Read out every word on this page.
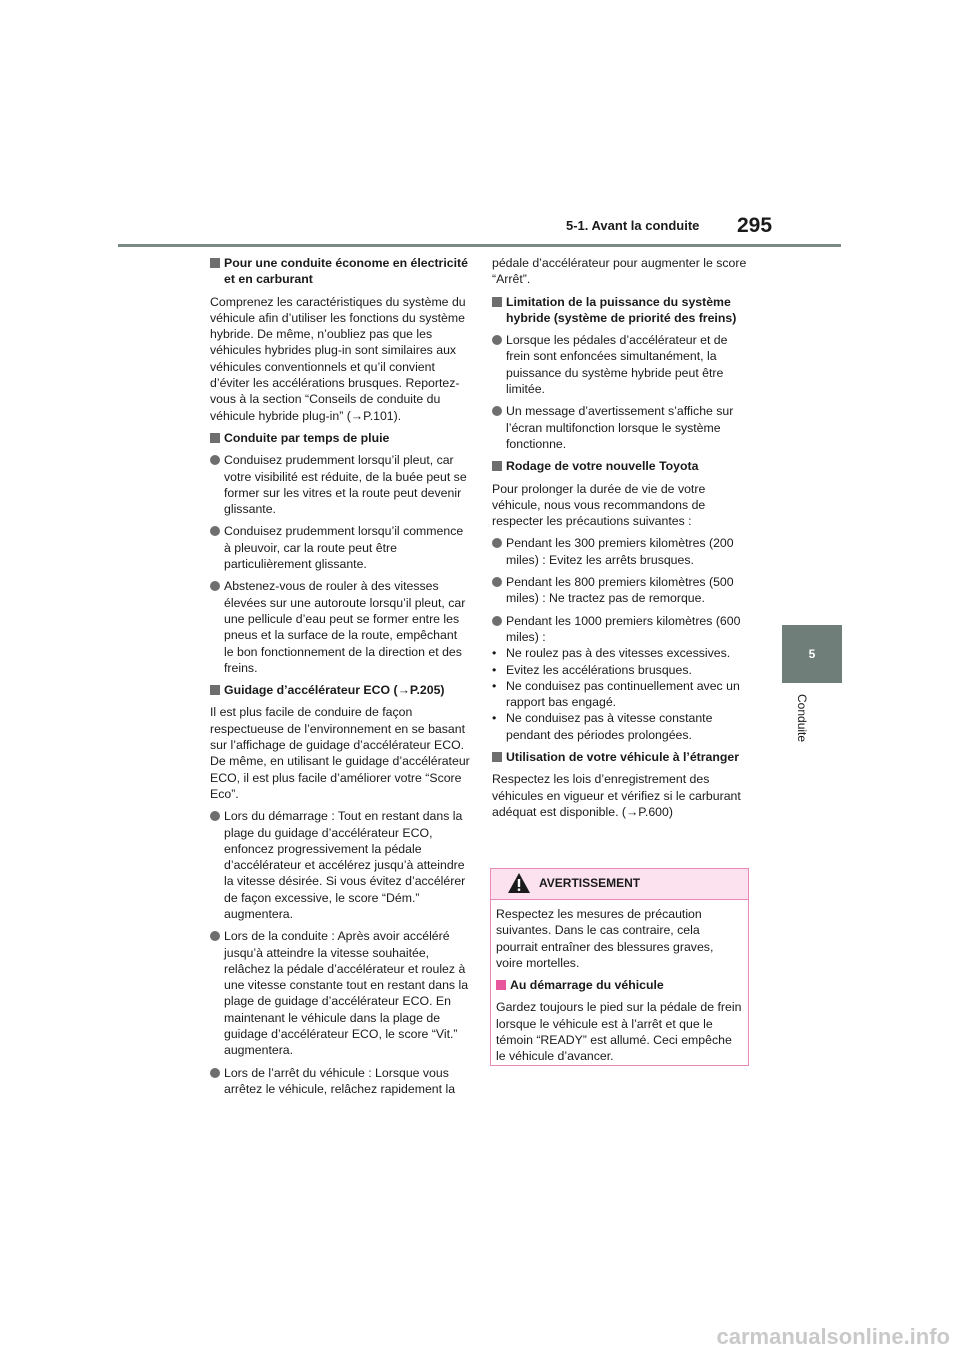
5-1. Avant la conduite 295
5
Conduite
Pour une conduite économe en électricité et en carburant

Comprenez les caractéristiques du système du véhicule afin d’utiliser les fonctions du système hybride. De même, n’oubliez pas que les véhicules hybrides plug-in sont similaires aux véhicules conventionnels et qu’il convient d’éviter les accélérations brusques. Reportez-vous à la section “Conseils de conduite du véhicule hybride plug-in” (→P.101).

Conduite par temps de pluie
Conduisez prudemment lorsqu’il pleut, car votre visibilité est réduite, de la buée peut se former sur les vitres et la route peut devenir glissante.
Conduisez prudemment lorsqu’il commence à pleuvoir, car la route peut être particulièrement glissante.
Abstenez-vous de rouler à des vitesses élevées sur une autoroute lorsqu’il pleut, car une pellicule d’eau peut se former entre les pneus et la surface de la route, empêchant le bon fonctionnement de la direction et des freins.
Guidage d’accélérateur ECO (→P.205)

Il est plus facile de conduire de façon respectueuse de l’environnement en se basant sur l’affichage de guidage d’accélérateur ECO. De même, en utilisant le guidage d’accélérateur ECO, il est plus facile d’améliorer votre “Score Eco”.

Lors du démarrage : Tout en restant dans la plage du guidage d’accélérateur ECO, enfoncez progressivement la pédale d’accélérateur et accélérez jusqu’à atteindre la vitesse désirée. Si vous évitez d’accélérer de façon excessive, le score “Dém.” augmentera.
Lors de la conduite : Après avoir accéléré jusqu’à atteindre la vitesse souhaitée, relâchez la pédale d’accélérateur et roulez à une vitesse constante tout en restant dans la plage de guidage d’accélérateur ECO. En maintenant le véhicule dans la plage de guidage d’accélérateur ECO, le score “Vit.” augmentera.
Lors de l’arrêt du véhicule : Lorsque vous arrêtez le véhicule, relâchez rapidement la

pédale d’accélérateur pour augmenter le score “Arrêt”.

Limitation de la puissance du système hybride (système de priorité des freins)
Lorsque les pédales d’accélérateur et de frein sont enfoncées simultanément, la puissance du système hybride peut être limitée.
Un message d’avertissement s’affiche sur l’écran multifonction lorsque le système fonctionne.
Rodage de votre nouvelle Toyota

Pour prolonger la durée de vie de votre véhicule, nous vous recommandons de respecter les précautions suivantes :

Pendant les 300 premiers kilomètres (200 miles) : Evitez les arrêts brusques.
Pendant les 800 premiers kilomètres (500 miles) : Ne tractez pas de remorque.
Pendant les 1000 premiers kilomètres (600 miles) :
• Ne roulez pas à des vitesses excessives.
• Evitez les accélérations brusques.
• Ne conduisez pas continuellement avec un rapport bas engagé.
• Ne conduisez pas à vitesse constante pendant des périodes prolongées.
Utilisation de votre véhicule à l’étranger

Respectez les lois d’enregistrement des véhicules en vigueur et vérifiez si le carburant adéquat est disponible. (→P.600)

AVERTISSEMENT

Respectez les mesures de précaution suivantes. Dans le cas contraire, cela pourrait entraîner des blessures graves, voire mortelles.

Au démarrage du véhicule

Gardez toujours le pied sur la pédale de frein lorsque le véhicule est à l’arrêt et que le témoin “READY” est allumé. Ceci empêche le véhicule d’avancer.

carmanualsonline.info
